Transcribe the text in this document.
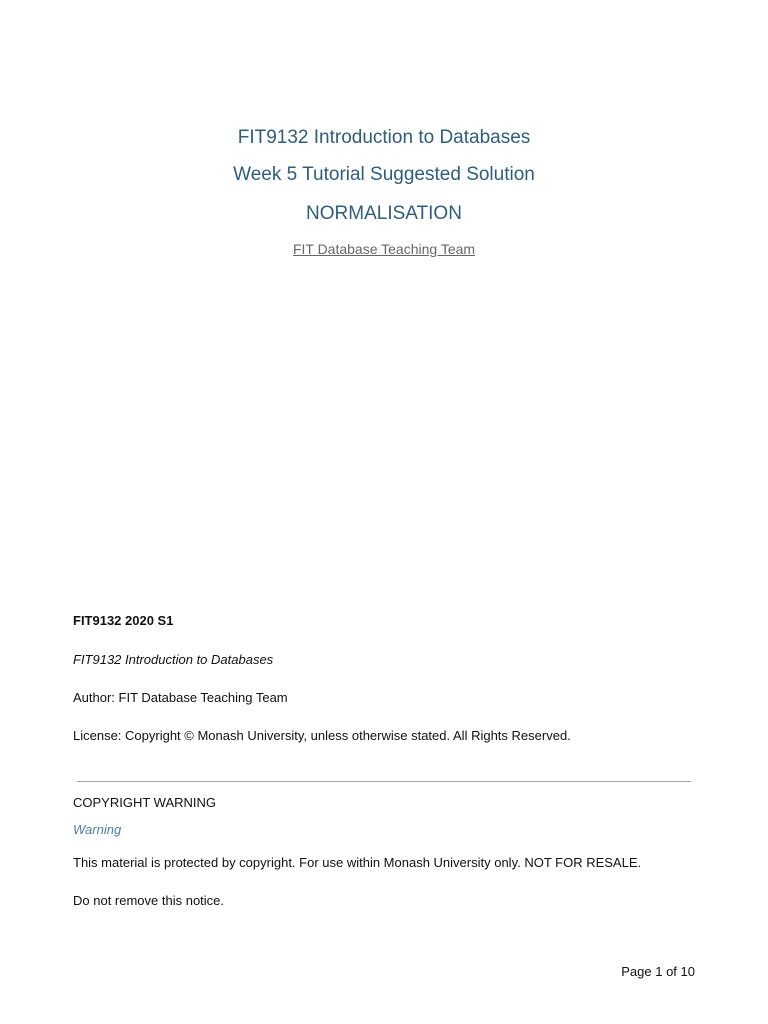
FIT9132 Introduction to Databases
Week 5 Tutorial Suggested Solution
NORMALISATION
FIT Database Teaching Team
FIT9132 2020 S1
FIT9132 Introduction to Databases
Author: FIT Database Teaching Team
License: Copyright © Monash University, unless otherwise stated. All Rights Reserved.
COPYRIGHT WARNING
Warning
This material is protected by copyright. For use within Monash University only. NOT FOR RESALE.
Do not remove this notice.
Page 1 of 10
